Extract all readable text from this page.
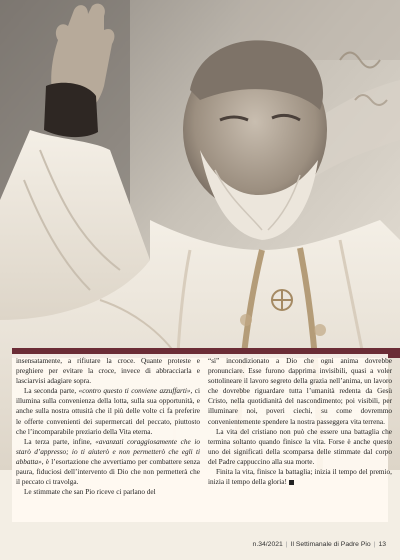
insensatamente, a rifiutare la croce. Quante proteste e preghiere per evitare la croce, invece di abbracciarla e lasciarvisi adagiare sopra.

La seconda parte, «contro questo ti conviene azzuffarti», ci illumina sulla convenienza della lotta, sulla sua opportunità, e anche sulla nostra ottusità che il più delle volte ci fa preferire le offerte convenienti dei supermercati del peccato, piuttosto che l’incomparabile preziario della Vita eterna.

La terza parte, infine, «avanzati coraggiosamente che io starò d’appresso; io ti aiuterò e non permetterò che egli ti abbatta», è l’esortazione che avvertiamo per combattere senza paura, fiduciosi dell’intervento di Dio che non permetterà che il peccato ci travolga.

Le stimmate che san Pio riceve ci parlano del

“sì” incondizionato a Dio che ogni anima dovrebbe pronunciare. Esse furono dapprima invisibili, quasi a voler sottolineare il lavoro segreto della grazia nell’anima, un lavoro che dovrebbe riguardare tutta l’umanità redenta da Gesù Cristo, nella quotidianità del nascondimento; poi visibili, per illuminare noi, poveri ciechi, su come dovremmo convenientemente spendere la nostra passeggera vita terrena.

La vita del cristiano non può che essere una battaglia che termina soltanto quando finisce la vita. Forse è anche questo uno dei significati della scomparsa delle stimmate dal corpo del Padre cappuccino alla sua morte.

Finita la vita, finisce la battaglia; inizia il tempo del premio, inizia il tempo della gloria!

n.34/2021 | Il Settimanale di Padre Pio | 13
